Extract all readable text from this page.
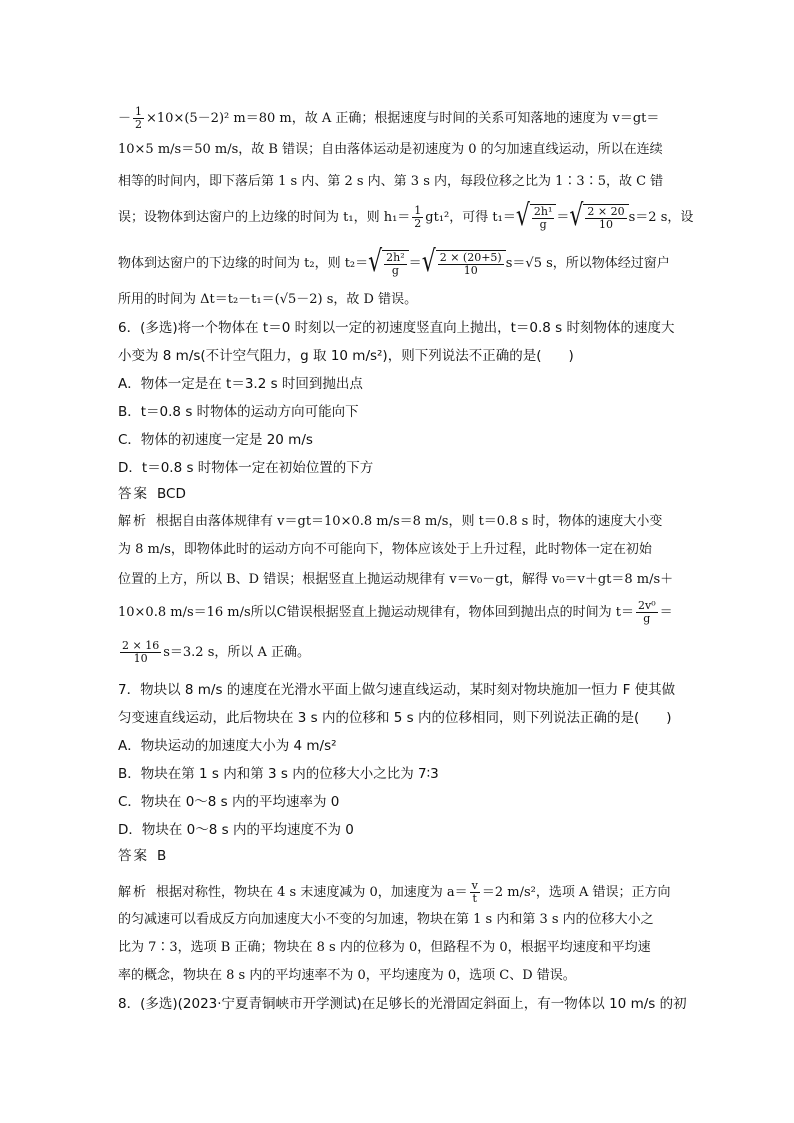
－ $\frac{1}{2} \times 10\times(5-2)^2$ m＝80 m，故 A 正确；根据速度与时间的关系可知落地的速度为 v＝gt＝
10×5 m/s＝50 m/s，故 B 错误；自由落体运动是初速度为 0 的匀加速直线运动，所以在连续
相等的时间内，即下落后第 1 s 内、第 2 s 内、第 3 s 内，每段位移之比为 1∶3∶5，故 C 错
误；设物体到达窗户的上边缘的时间为 t₁，则 $h_1= \frac{1}{2} gt_1^2$，可得 t₁＝ √ $\frac{\text{2h¹}}{g}$ ＝ √ $\frac{2 \times 20}{10} s=2$ s，设
物体到达窗户的下边缘的时间为 t₂，则 t₂＝ √ $\frac{\text{2h²}}{g}$ ＝ √ $\frac{2 \times (20+5)}{10} s=√5$ s，所以物体经过窗户
所用的时间为 Δt＝t₂－t₁＝(√5－2) s，故 D 错误。
6．(多选)将一个物体在 t＝0 时刻以一定的初速度竖直向上抛出，t＝0.8 s 时刻物体的速度大
小变为 8 m/s(不计空气阻力，g 取 10 m/s²)，则下列说法不正确的是(　　)
A．物体一定是在 t＝3.2 s 时回到抛出点
B．t＝0.8 s 时物体的运动方向可能向下
C．物体的初速度一定是 20 m/s
D．t＝0.8 s 时物体一定在初始位置的下方
答案 BCD
解析 根据自由落体规律有 v＝gt＝10×0.8 m/s＝8 m/s，则 t＝0.8 s 时，物体的速度大小变
为 8 m/s，即物体此时的运动方向不可能向下，物体应该处于上升过程，此时物体一定在初始
位置的上方，所以 B、D 错误；根据竖直上抛运动规律有 v＝v₀－gt，解得 v₀＝v＋gt＝8 m/s＋
10×0.8 m/s＝16 m/s所以C错误根据竖直上抛运动规律有，物体回到抛出点的时间为 $t= \frac{\text{2v⁰}}{g}$ ＝
$\frac{2 \times 16}{10} s=3.2$ s，所以 A 正确。
7．物块以 8 m/s 的速度在光滑水平面上做匀速直线运动，某时刻对物块施加一恒力 F 使其做
匀变速直线运动，此后物块在 3 s 内的位移和 5 s 内的位移相同，则下列说法正确的是(　　)
A．物块运动的加速度大小为 4 m/s²
B．物块在第 1 s 内和第 3 s 内的位移大小之比为 7∶3
C．物块在 0～8 s 内的平均速率为 0
D．物块在 0～8 s 内的平均速度不为 0
答案 B
解析 根据对称性，物块在 4 s 末速度减为 0，加速度为 $a= \frac{v}{t} =2$ m/s²，选项 A 错误；正方向
的匀减速可以看成反方向加速度大小不变的匀加速，物块在第 1 s 内和第 3 s 内的位移大小之
比为 7∶3，选项 B 正确；物块在 8 s 内的位移为 0，但路程不为 0，根据平均速度和平均速
率的概念，物块在 8 s 内的平均速率不为 0，平均速度为 0，选项 C、D 错误。
8．(多选)(2023·宁夏青铜峡市开学测试)在足够长的光滑固定斜面上，有一物体以 10 m/s 的初
